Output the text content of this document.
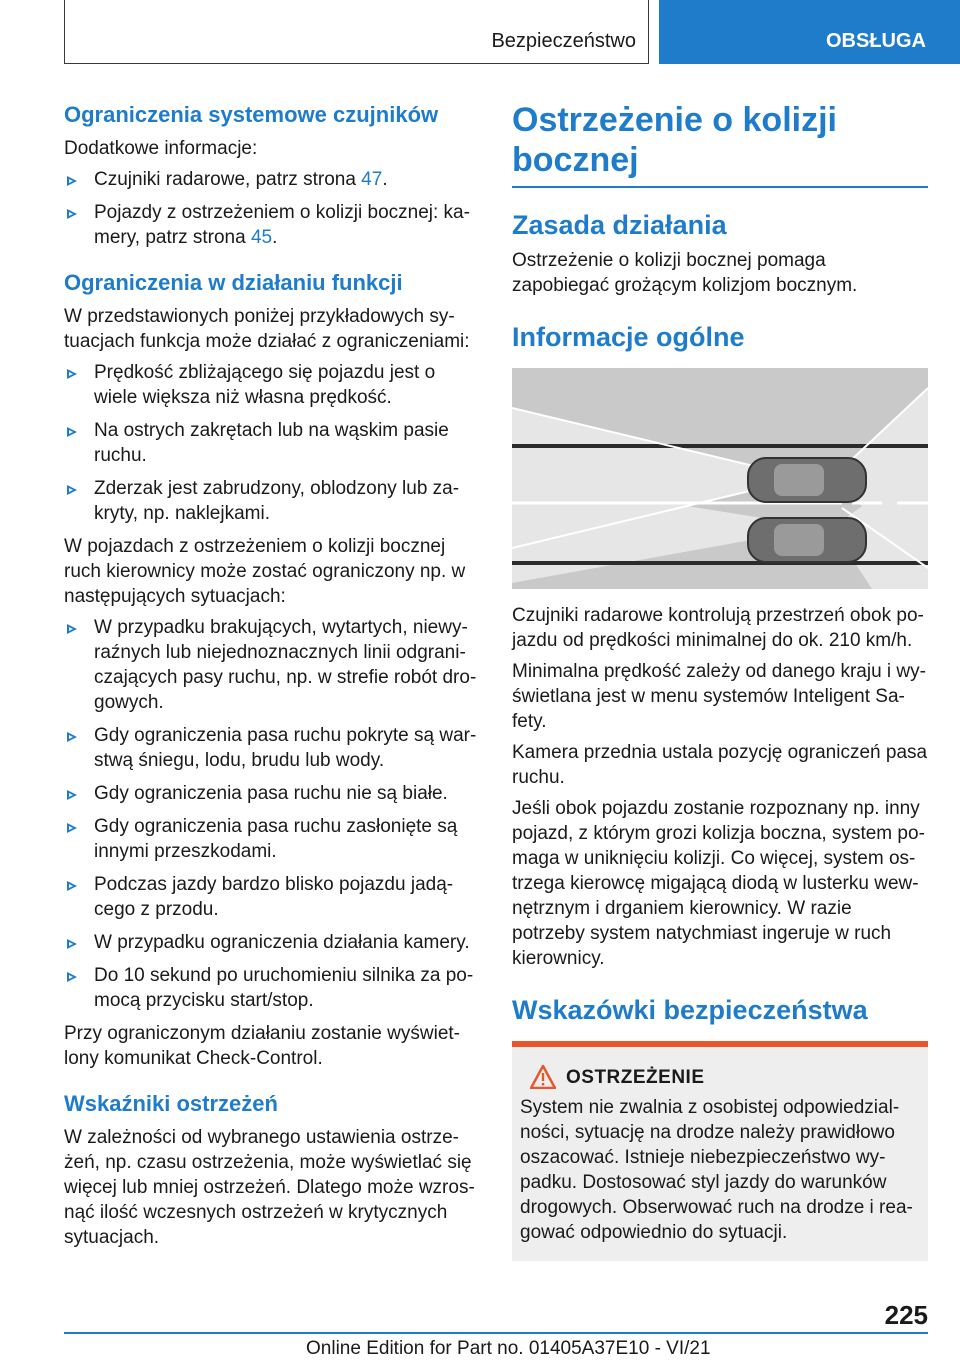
Bezpieczeństwo	OBSŁUGA
Ograniczenia systemowe czujników

Dodatkowe informacje:

Czujniki radarowe, patrz strona 47.
Pojazdy z ostrzeżeniem o kolizji bocznej: kamery, patrz strona 45.
Ograniczenia w działaniu funkcji

W przedstawionych poniżej przykładowych sytuacjach funkcja może działać z ograniczeniami:

Prędkość zbliżającego się pojazdu jest o wiele większa niż własna prędkość.
Na ostrych zakrętach lub na wąskim pasie ruchu.
Zderzak jest zabrudzony, oblodzony lub zakryty, np. naklejkami.

W pojazdach z ostrzeżeniem o kolizji bocznej ruch kierownicy może zostać ograniczony np. w następujących sytuacjach:

W przypadku brakujących, wytartych, niewyraźnych lub niejednoznacznych linii odgraniczających pasy ruchu, np. w strefie robót drogowych.
Gdy ograniczenia pasa ruchu pokryte są warstwą śniegu, lodu, brudu lub wody.
Gdy ograniczenia pasa ruchu nie są białe.
Gdy ograniczenia pasa ruchu zasłonięte są innymi przeszkodami.
Podczas jazdy bardzo blisko pojazdu jadącego z przodu.
W przypadku ograniczenia działania kamery.
Do 10 sekund po uruchomieniu silnika za pomocą przycisku start/stop.

Przy ograniczonym działaniu zostanie wyświetlony komunikat Check-Control.

Wskaźniki ostrzeżeń

W zależności od wybranego ustawienia ostrzeżeń, np. czasu ostrzeżenia, może wyświetlać się więcej lub mniej ostrzeżeń. Dlatego może wzrosnąć ilość wczesnych ostrzeżeń w krytycznych sytuacjach.

Ostrzeżenie o kolizji bocznej
Zasada działania

Ostrzeżenie o kolizji bocznej pomaga zapobiegać grożącym kolizjom bocznym.

Informacje ogólne

Czujniki radarowe kontrolują przestrzeń obok pojazdu od prędkości minimalnej do ok. 210 km/h.

Minimalna prędkość zależy od danego kraju i wyświetlana jest w menu systemów Inteligent Safety.

Kamera przednia ustala pozycję ograniczeń pasa ruchu.

Jeśli obok pojazdu zostanie rozpoznany np. inny pojazd, z którym grozi kolizja boczna, system pomaga w uniknięciu kolizji. Co więcej, system ostrzega kierowcę migającą diodą w lusterku wewnętrznym i drganiem kierownicy. W razie potrzeby system natychmiast ingeruje w ruch kierownicy.

Wskazówki bezpieczeństwa
OSTRZEŻENIE

System nie zwalnia z osobistej odpowiedzialności, sytuację na drodze należy prawidłowo oszacować. Istnieje niebezpieczeństwo wypadku. Dostosować styl jazdy do warunków drogowych. Obserwować ruch na drodze i reagować odpowiednio do sytuacji.

225
Online Edition for Part no. 01405A37E10 - VI/21
